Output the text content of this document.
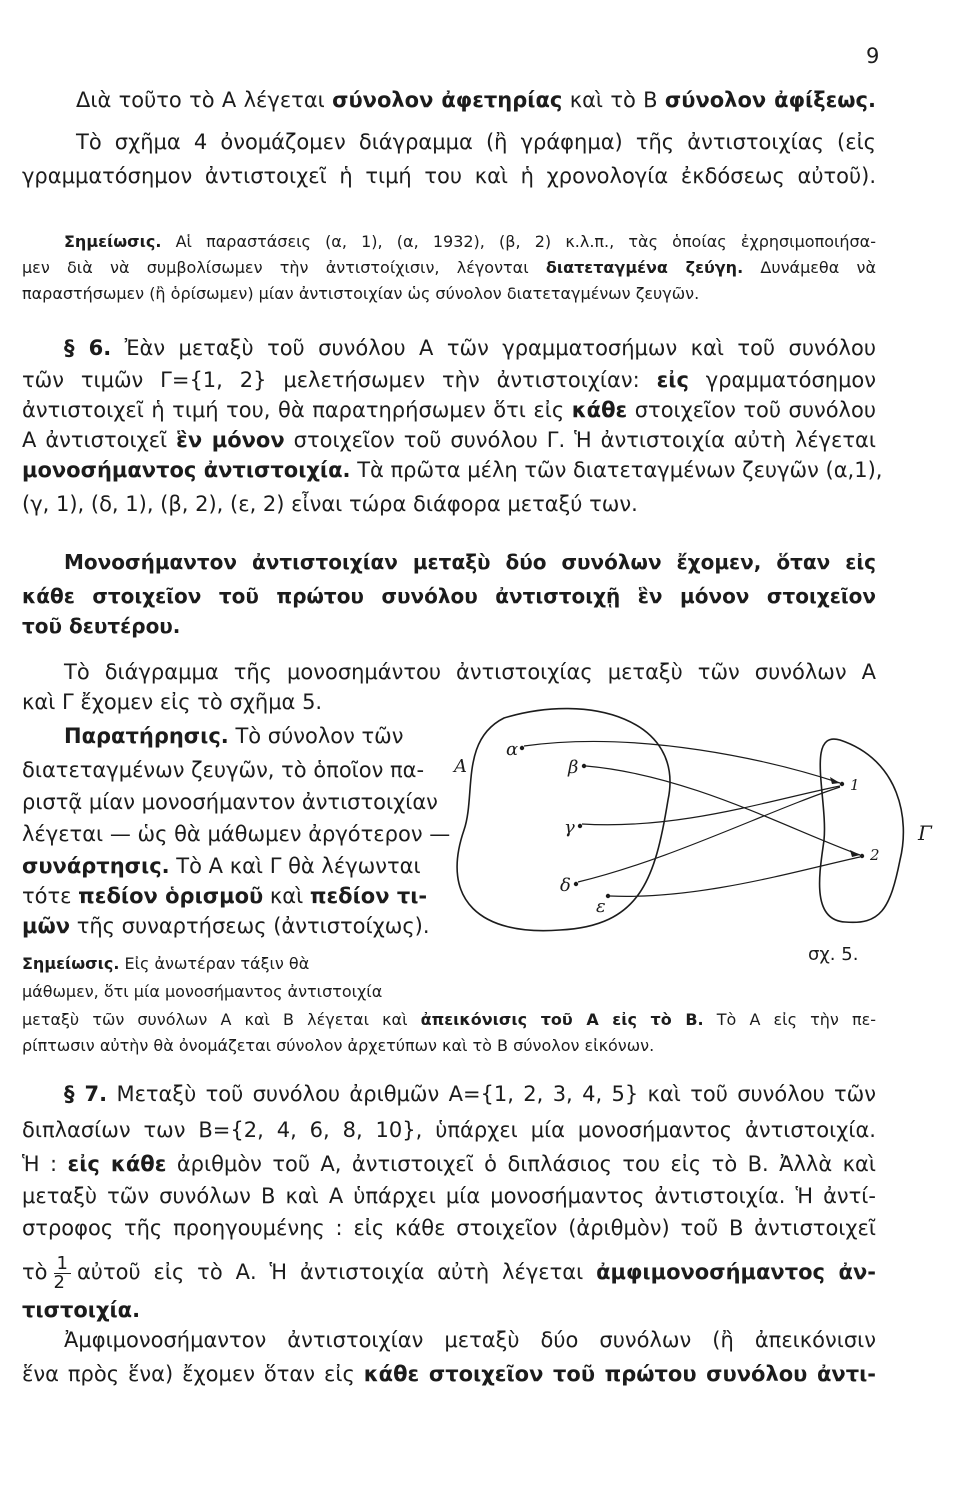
9
Διὰ τοῦτο τὸ Α λέγεται σύνολον ἀφετηρίας καὶ τὸ Β σύνολον ἀφίξεως.
Τὸ σχῆμα 4 ὀνομάζομεν διάγραμμα (ἢ γράφημα) τῆς ἀντιστοιχίας (εἰς
γραμματόσημον ἀντιστοιχεῖ ἡ τιμή του καὶ ἡ χρονολογία ἐκδόσεως αὐτοῦ).
Σημείωσις. Αἱ παραστάσεις (α, 1), (α, 1932), (β, 2) κ.λ.π., τὰς ὁποίας ἐχρησιμοποιήσα-
μεν διὰ νὰ συμβολίσωμεν τὴν ἀντιστοίχισιν, λέγονται διατεταγμένα ζεύγη. Δυνάμεθα νὰ
παραστήσωμεν (ἢ ὁρίσωμεν) μίαν ἀντιστοιχίαν ὡς σύνολον διατεταγμένων ζευγῶν.
§ 6. Ἐὰν μεταξὺ τοῦ συνόλου Α τῶν γραμματοσήμων καὶ τοῦ συνόλου
τῶν τιμῶν Γ={1, 2} μελετήσωμεν τὴν ἀντιστοιχίαν: εἰς γραμματόσημον
ἀντιστοιχεῖ ἡ τιμή του, θὰ παρατηρήσωμεν ὅτι εἰς κάθε στοιχεῖον τοῦ συνόλου
Α ἀντιστοιχεῖ ἓν μόνον στοιχεῖον τοῦ συνόλου Γ. Ἡ ἀντιστοιχία αὐτὴ λέγεται
μονοσήμαντος ἀντιστοιχία. Τὰ πρῶτα μέλη τῶν διατεταγμένων ζευγῶν (α,1),
(γ, 1), (δ, 1), (β, 2), (ε, 2) εἶναι τώρα διάφορα μεταξύ των.
Μονοσήμαντον ἀντιστοιχίαν μεταξὺ δύο συνόλων ἔχομεν, ὅταν εἰς
κάθε στοιχεῖον τοῦ πρώτου συνόλου ἀντιστοιχῇ ἓν μόνον στοιχεῖον
τοῦ δευτέρου.
Τὸ διάγραμμα τῆς μονοσημάντου ἀντιστοιχίας μεταξὺ τῶν συνόλων Α
καὶ Γ ἔχομεν εἰς τὸ σχῆμα 5.
Παρατήρησις. Τὸ σύνολον τῶν
διατεταγμένων ζευγῶν, τὸ ὁποῖον πα-
ριστᾷ μίαν μονοσήμαντον ἀντιστοιχίαν
λέγεται — ὡς θὰ μάθωμεν ἀργότερον —
συνάρτησις. Τὸ Α καὶ Γ θὰ λέγωνται
τότε πεδίον ὁρισμοῦ καὶ πεδίον τι-
μῶν τῆς συναρτήσεως (ἀντιστοίχως).
Σημείωσις. Εἰς ἀνωτέραν τάξιν θὰ
μάθωμεν, ὅτι μία μονοσήμαντος ἀντιστοιχία
μεταξὺ τῶν συνόλων Α καὶ Β λέγεται καὶ ἀπεικόνισις τοῦ Α εἰς τὸ Β. Τὸ Α εἰς τὴν πε-
ρίπτωσιν αὐτὴν θὰ ὀνομάζεται σύνολον ἀρχετύπων καὶ τὸ Β σύνολον εἰκόνων.
A
Γ
α
β
γ
δ
ε
1
2
σχ. 5.
§ 7. Μεταξὺ τοῦ συνόλου ἀριθμῶν Α={1, 2, 3, 4, 5} καὶ τοῦ συνόλου τῶν
διπλασίων των Β={2, 4, 6, 8, 10}, ὑπάρχει μία μονοσήμαντος ἀντιστοιχία.
Ἡ : εἰς κάθε ἀριθμὸν τοῦ Α, ἀντιστοιχεῖ ὁ διπλάσιος του εἰς τὸ Β. Ἀλλὰ καὶ
μεταξὺ τῶν συνόλων Β καὶ Α ὑπάρχει μία μονοσήμαντος ἀντιστοιχία. Ἡ ἀντί-
στροφος τῆς προηγουμένης : εἰς κάθε στοιχεῖον (ἀριθμὸν) τοῦ Β ἀντιστοιχεῖ
τὸ $\frac{1}{2}$ αὐτοῦ εἰς τὸ Α. Ἡ ἀντιστοιχία αὐτὴ λέγεται ἀμφιμονοσήμαντος ἀν-
τιστοιχία.
Ἀμφιμονοσήμαντον ἀντιστοιχίαν μεταξὺ δύο συνόλων (ἢ ἀπεικόνισιν
ἕνα πρὸς ἕνα) ἔχομεν ὅταν εἰς κάθε στοιχεῖον τοῦ πρώτου συνόλου ἀντι-
